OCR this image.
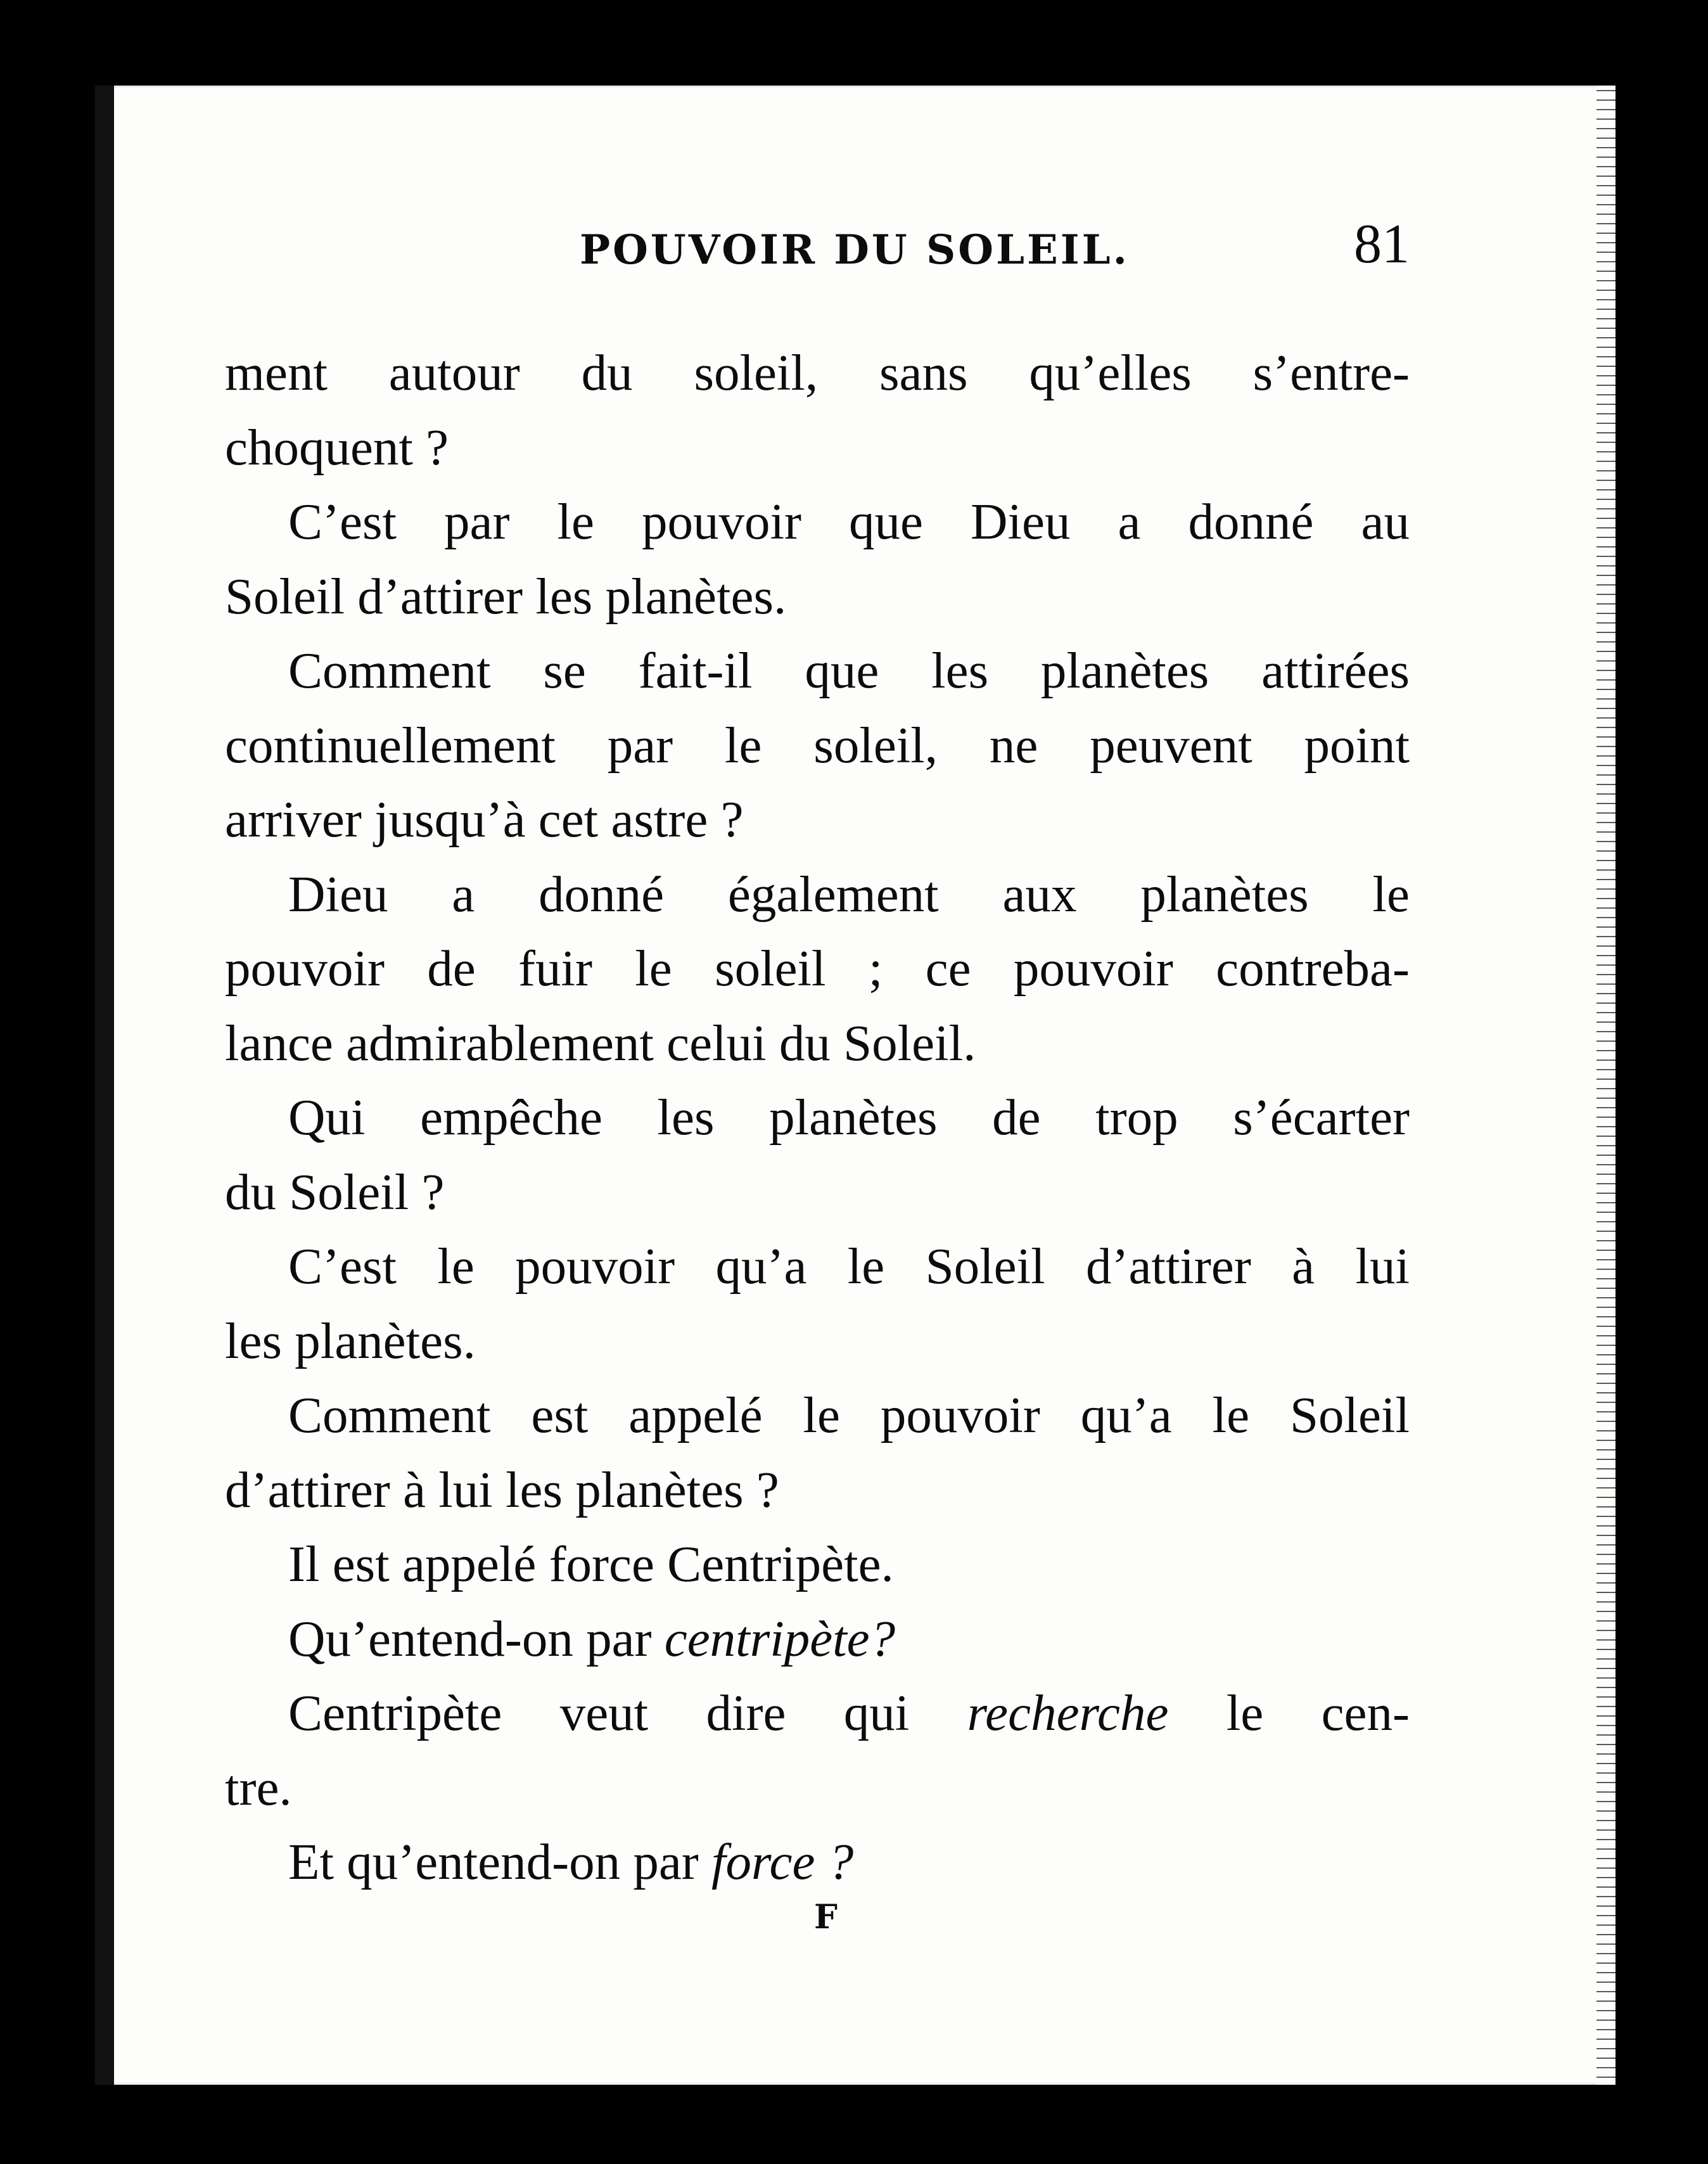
POUVOIR DU SOLEIL.	81
ment autour du soleil, sans qu’elles s’entre-
choquent ?
C’est par le pouvoir que Dieu a donné au
Soleil d’attirer les planètes.
Comment se fait-il que les planètes attirées
continuellement par le soleil, ne peuvent point
arriver jusqu’à cet astre ?
Dieu a donné également aux planètes le
pouvoir de fuir le soleil ; ce pouvoir contreba-
lance admirablement celui du Soleil.
Qui empêche les planètes de trop s’écarter
du Soleil ?
C’est le pouvoir qu’a le Soleil d’attirer à lui
les planètes.
Comment est appelé le pouvoir qu’a le Soleil
d’attirer à lui les planètes ?
Il est appelé force Centripète.
Qu’entend-on par centripète?
Centripète veut dire qui recherche le cen-
tre.
Et qu’entend-on par force ?
F
